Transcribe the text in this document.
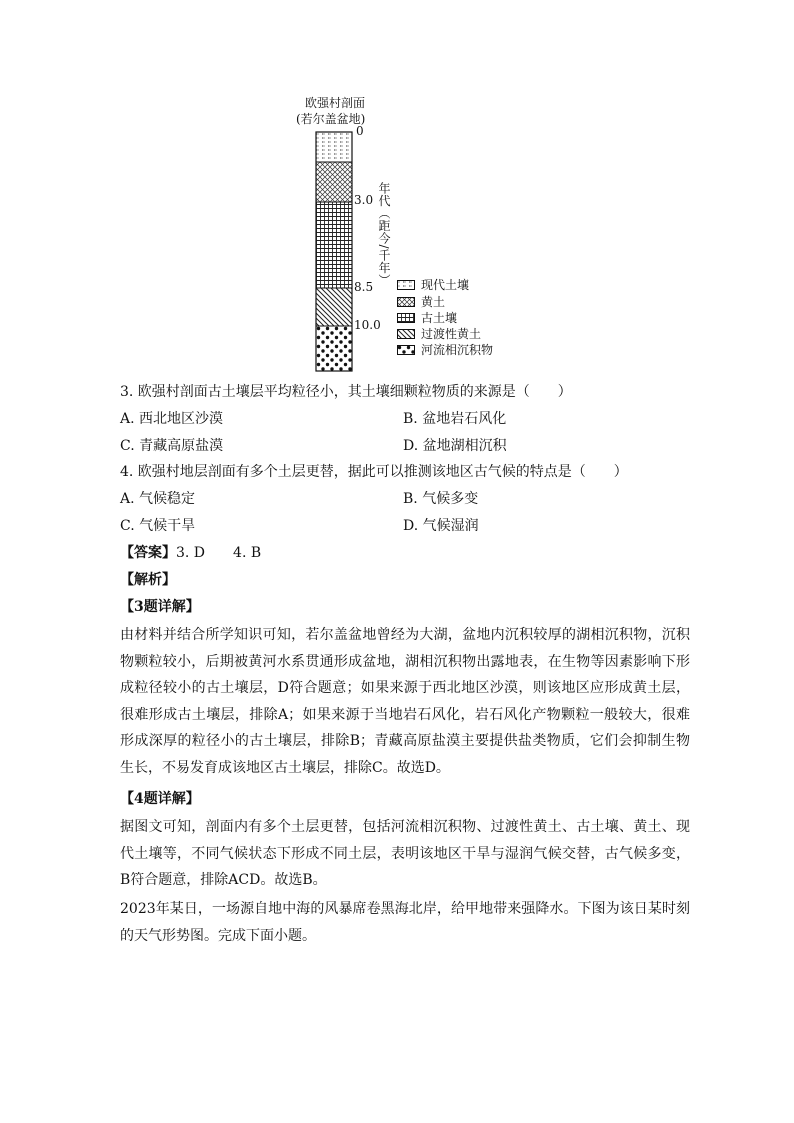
欧强村剖面
(若尔盖盆地)
0
3.0
8.5
10.0
年代（距今/千年）	现代土壤
黄土
古土壤
过渡性黄土
河流相沉积物
3. 欧强村剖面古土壤层平均粒径小，其土壤细颗粒物质的来源是（　　）
A. 西北地区沙漠	B. 盆地岩石风化
C. 青藏高原盐漠	D. 盆地湖相沉积
4. 欧强村地层剖面有多个土层更替，据此可以推测该地区古气候的特点是（　　）
A. 气候稳定	B. 气候多变
C. 气候干旱	D. 气候湿润
【答案】3. D　　4. B
【解析】
【3题详解】
由材料并结合所学知识可知，若尔盖盆地曾经为大湖，盆地内沉积较厚的湖相沉积物，沉积物颗粒较小，后期被黄河水系贯通形成盆地，湖相沉积物出露地表，在生物等因素影响下形成粒径较小的古土壤层，D符合题意；如果来源于西北地区沙漠，则该地区应形成黄土层，很难形成古土壤层，排除A；如果来源于当地岩石风化，岩石风化产物颗粒一般较大，很难形成深厚的粒径小的古土壤层，排除B；青藏高原盐漠主要提供盐类物质，它们会抑制生物生长，不易发育成该地区古土壤层，排除C。故选D。
【4题详解】
据图文可知，剖面内有多个土层更替，包括河流相沉积物、过渡性黄土、古土壤、黄土、现代土壤等，不同气候状态下形成不同土层，表明该地区干旱与湿润气候交替，古气候多变，B符合题意，排除ACD。故选B。
2023年某日，一场源自地中海的风暴席卷黑海北岸，给甲地带来强降水。下图为该日某时刻的天气形势图。完成下面小题。
